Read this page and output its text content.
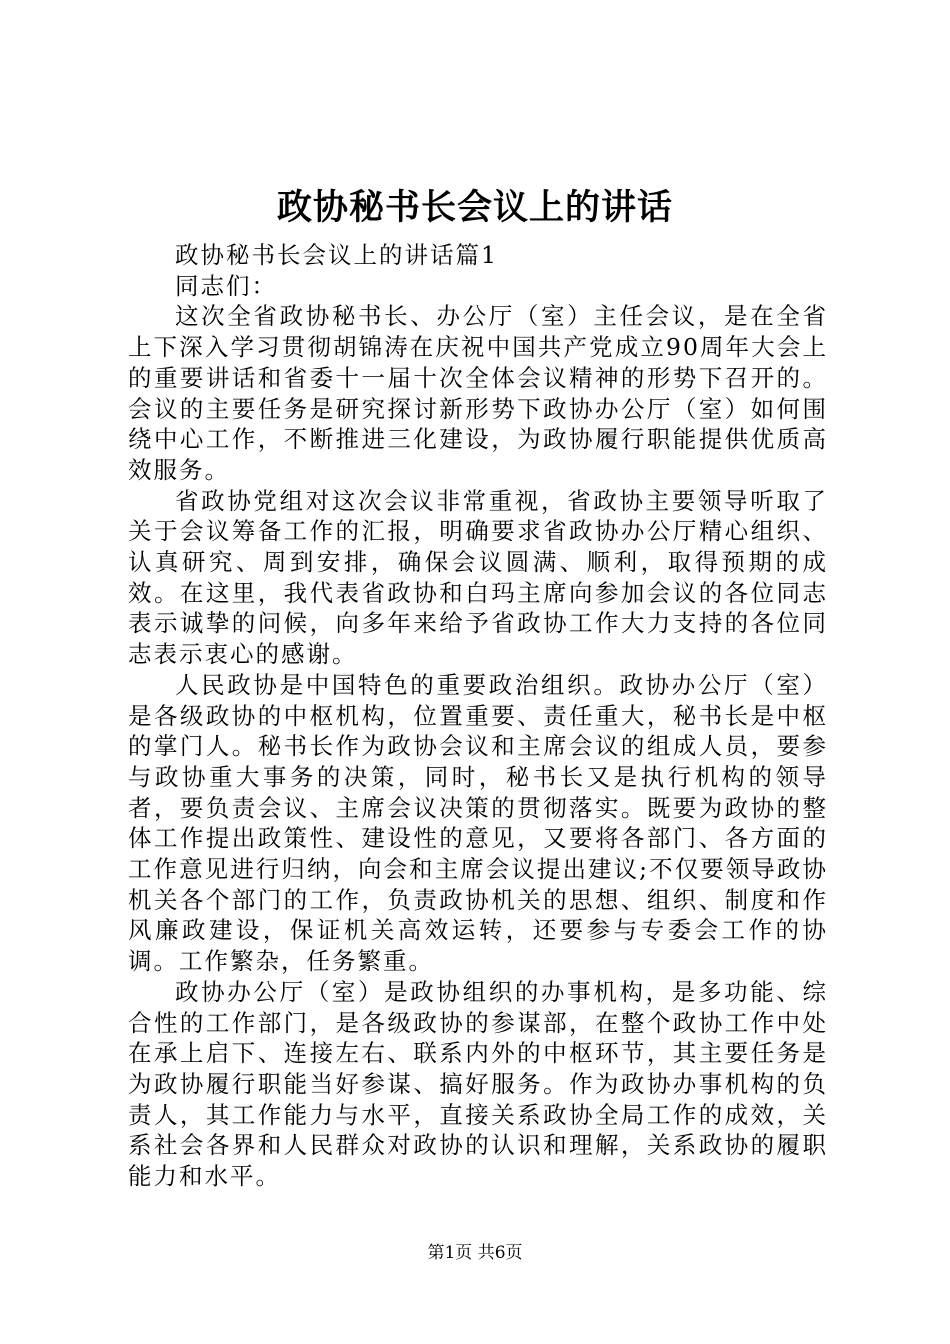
政协秘书长会议上的讲话

政协秘书长会议上的讲话篇1

同志们：

这次全省政协秘书长、办公厅（室）主任会议，是在全省上下深入学习贯彻胡锦涛在庆祝中国共产党成立90周年大会上的重要讲话和省委十一届十次全体会议精神的形势下召开的。会议的主要任务是研究探讨新形势下政协办公厅（室）如何围绕中心工作，不断推进三化建设，为政协履行职能提供优质高效服务。

省政协党组对这次会议非常重视，省政协主要领导听取了关于会议筹备工作的汇报，明确要求省政协办公厅精心组织、认真研究、周到安排，确保会议圆满、顺利，取得预期的成效。在这里，我代表省政协和白玛主席向参加会议的各位同志表示诚挚的问候，向多年来给予省政协工作大力支持的各位同志表示衷心的感谢。

人民政协是中国特色的重要政治组织。政协办公厅（室）是各级政协的中枢机构，位置重要、责任重大，秘书长是中枢的掌门人。秘书长作为政协会议和主席会议的组成人员，要参与政协重大事务的决策，同时，秘书长又是执行机构的领导者，要负责会议、主席会议决策的贯彻落实。既要为政协的整体工作提出政策性、建设性的意见，又要将各部门、各方面的工作意见进行归纳，向会和主席会议提出建议;不仅要领导政协机关各个部门的工作，负责政协机关的思想、组织、制度和作风廉政建设，保证机关高效运转，还要参与专委会工作的协调。工作繁杂，任务繁重。

政协办公厅（室）是政协组织的办事机构，是多功能、综合性的工作部门，是各级政协的参谋部，在整个政协工作中处在承上启下、连接左右、联系内外的中枢环节，其主要任务是为政协履行职能当好参谋、搞好服务。作为政协办事机构的负责人，其工作能力与水平，直接关系政协全局工作的成效，关系社会各界和人民群众对政协的认识和理解，关系政协的履职能力和水平。

第1页 共6页
